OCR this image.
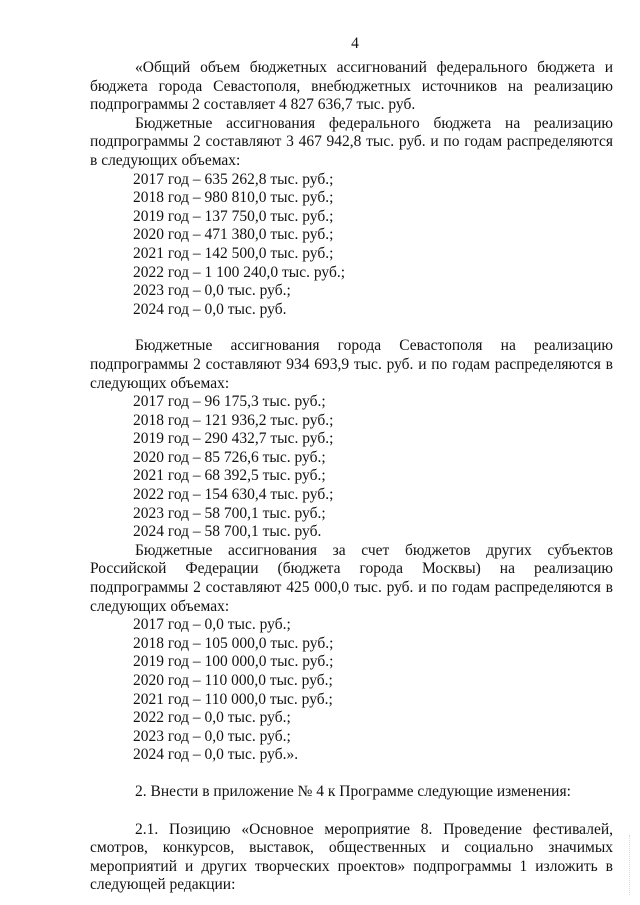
4

«Общий объем бюджетных ассигнований федерального бюджета и бюджета города Севастополя, внебюджетных источников на реализацию подпрограммы 2 составляет 4 827 636,7 тыс. руб.

Бюджетные ассигнования федерального бюджета на реализацию подпрограммы 2 составляют 3 467 942,8 тыс. руб. и по годам распределяются в следующих объемах:

2017 год – 635 262,8 тыс. руб.;
2018 год – 980 810,0 тыс. руб.;
2019 год – 137 750,0 тыс. руб.;
2020 год – 471 380,0 тыс. руб.;
2021 год – 142 500,0 тыс. руб.;
2022 год – 1 100 240,0 тыс. руб.;
2023 год – 0,0 тыс. руб.;
2024 год – 0,0 тыс. руб.

Бюджетные ассигнования города Севастополя на реализацию подпрограммы 2 составляют 934 693,9 тыс. руб. и по годам распределяются в следующих объемах:

2017 год – 96 175,3 тыс. руб.;
2018 год – 121 936,2 тыс. руб.;
2019 год – 290 432,7 тыс. руб.;
2020 год – 85 726,6 тыс. руб.;
2021 год – 68 392,5 тыс. руб.;
2022 год – 154 630,4 тыс. руб.;
2023 год – 58 700,1 тыс. руб.;
2024 год – 58 700,1 тыс. руб.

Бюджетные ассигнования за счет бюджетов других субъектов Российской Федерации (бюджета города Москвы) на реализацию подпрограммы 2 составляют 425 000,0 тыс. руб. и по годам распределяются в следующих объемах:

2017 год – 0,0 тыс. руб.;
2018 год – 105 000,0 тыс. руб.;
2019 год – 100 000,0 тыс. руб.;
2020 год – 110 000,0 тыс. руб.;
2021 год – 110 000,0 тыс. руб.;
2022 год – 0,0 тыс. руб.;
2023 год – 0,0 тыс. руб.;
2024 год – 0,0 тыс. руб.».

2. Внести в приложение № 4 к Программе следующие изменения:

2.1. Позицию «Основное мероприятие 8. Проведение фестивалей, смотров, конкурсов, выставок, общественных и социально значимых мероприятий и других творческих проектов» подпрограммы 1 изложить в следующей редакции:
